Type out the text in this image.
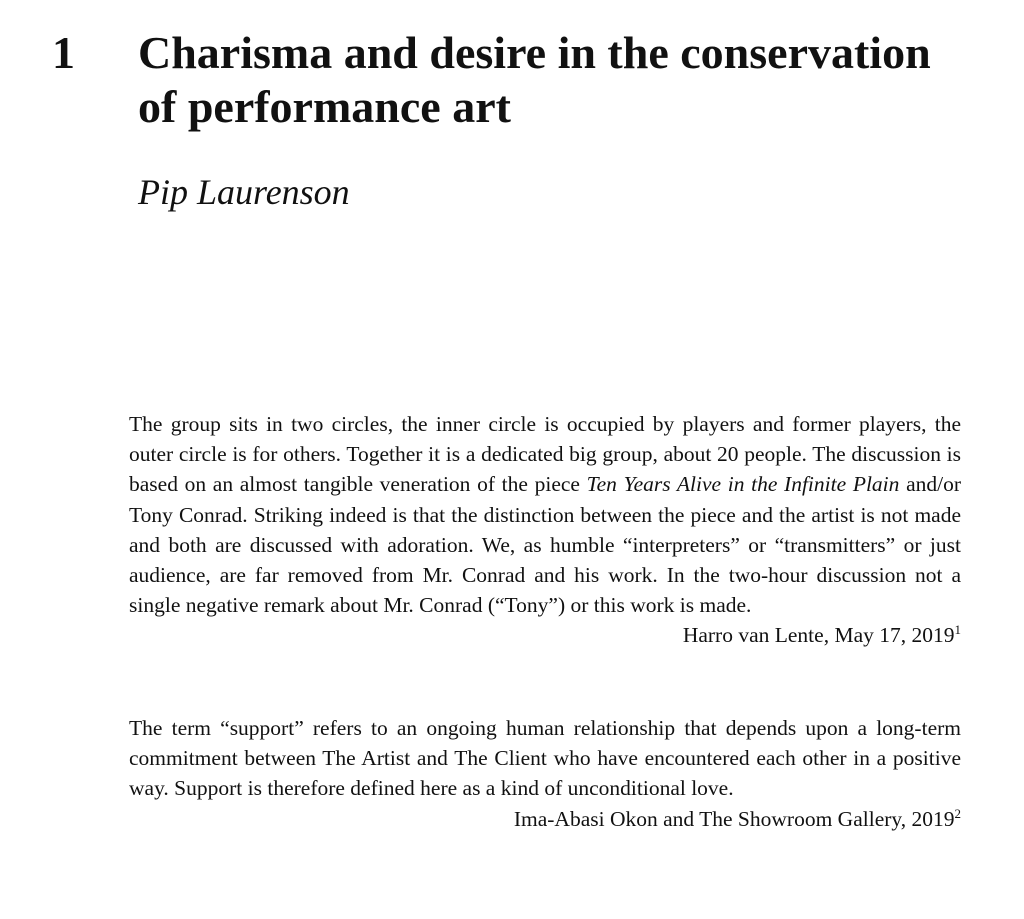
1 Charisma and desire in the conservation of performance art
Pip Laurenson

The group sits in two circles, the inner circle is occupied by players and former players, the outer circle is for others. Together it is a dedicated big group, about 20 people. The discussion is based on an almost tangible veneration of the piece Ten Years Alive in the Infinite Plain and/or Tony Conrad. Striking indeed is that the distinction between the piece and the artist is not made and both are discussed with adoration. We, as humble “interpreters” or “transmitters” or just audience, are far removed from Mr. Conrad and his work. In the two-hour discussion not a single negative remark about Mr. Conrad (“Tony”) or this work is made.

Harro van Lente, May 17, 2019$^1$

The term “support” refers to an ongoing human relationship that depends upon a long-term commitment between The Artist and The Client who have encountered each other in a positive way. Support is therefore defined here as a kind of unconditional love.

Ima-Abasi Okon and The Showroom Gallery, 2019$^2$
